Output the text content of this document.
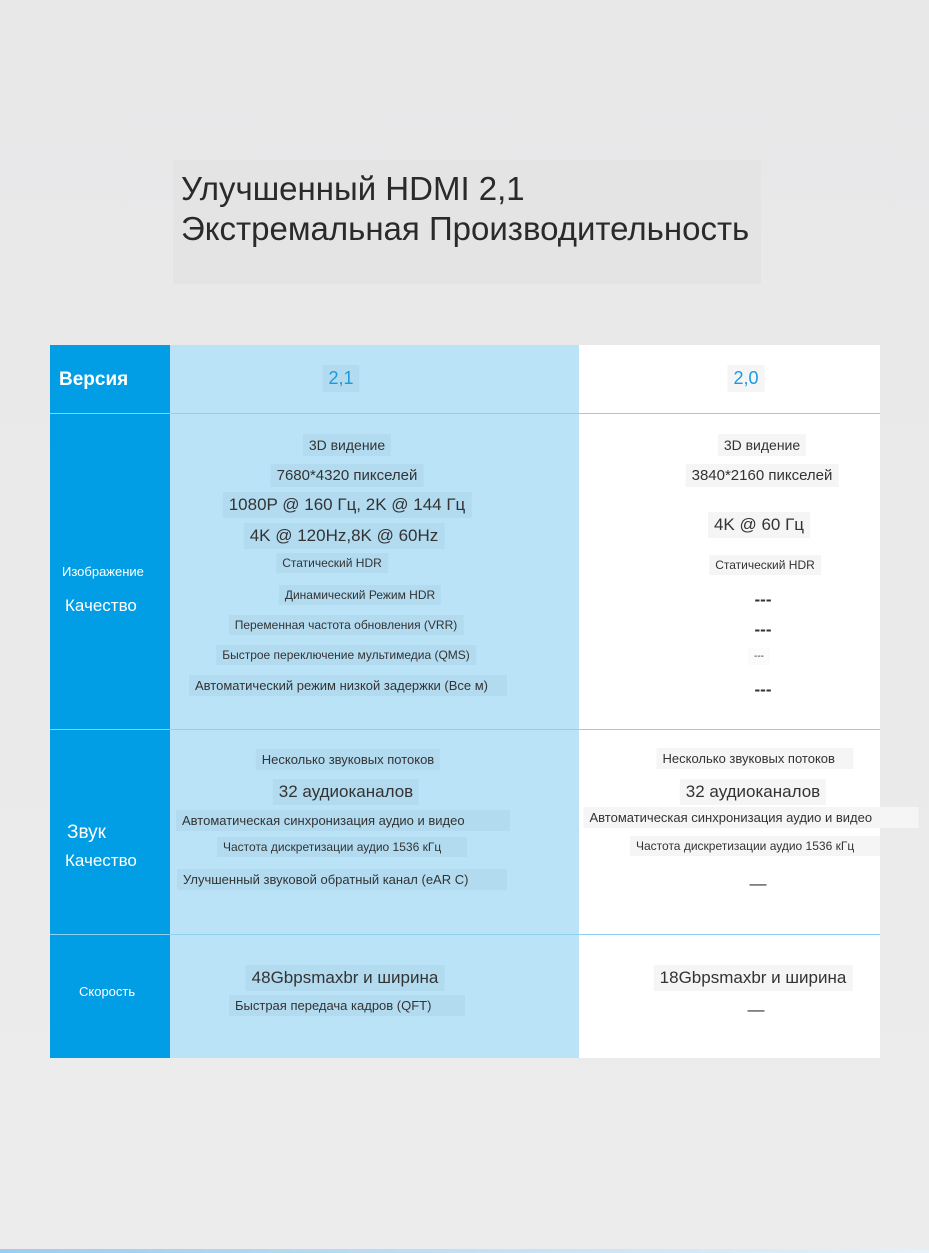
Улучшенный HDMI 2,1
Экстремальная Производительность
Версия
Изображение
Качество
Звук
Качество
Скорость
2,1
3D видение
7680*4320 пикселей
1080P @ 160 Гц, 2K @ 144 Гц
4K @ 120Hz,8K @ 60Hz
Статический HDR
Динамический Режим HDR
Переменная частота обновления (VRR)
Быстрое переключение мультимедиа (QMS)
Автоматический режим низкой задержки (Все м)
Несколько звуковых потоков
32 аудиоканалов
Автоматическая синхронизация аудио и видео
Частота дискретизации аудио 1536 кГц
Улучшенный звуковой обратный канал (eAR C)
48Gbpsmaxbr и ширина
Быстрая передача кадров (QFT)
2,0
3D видение
3840*2160 пикселей
4K @ 60 Гц
Статический HDR
---
---
---
---
Несколько звуковых потоков
32 аудиоканалов
Автоматическая синхронизация аудио и видео
Частота дискретизации аудио 1536 кГц
—
18Gbpsmaxbr и ширина
—
